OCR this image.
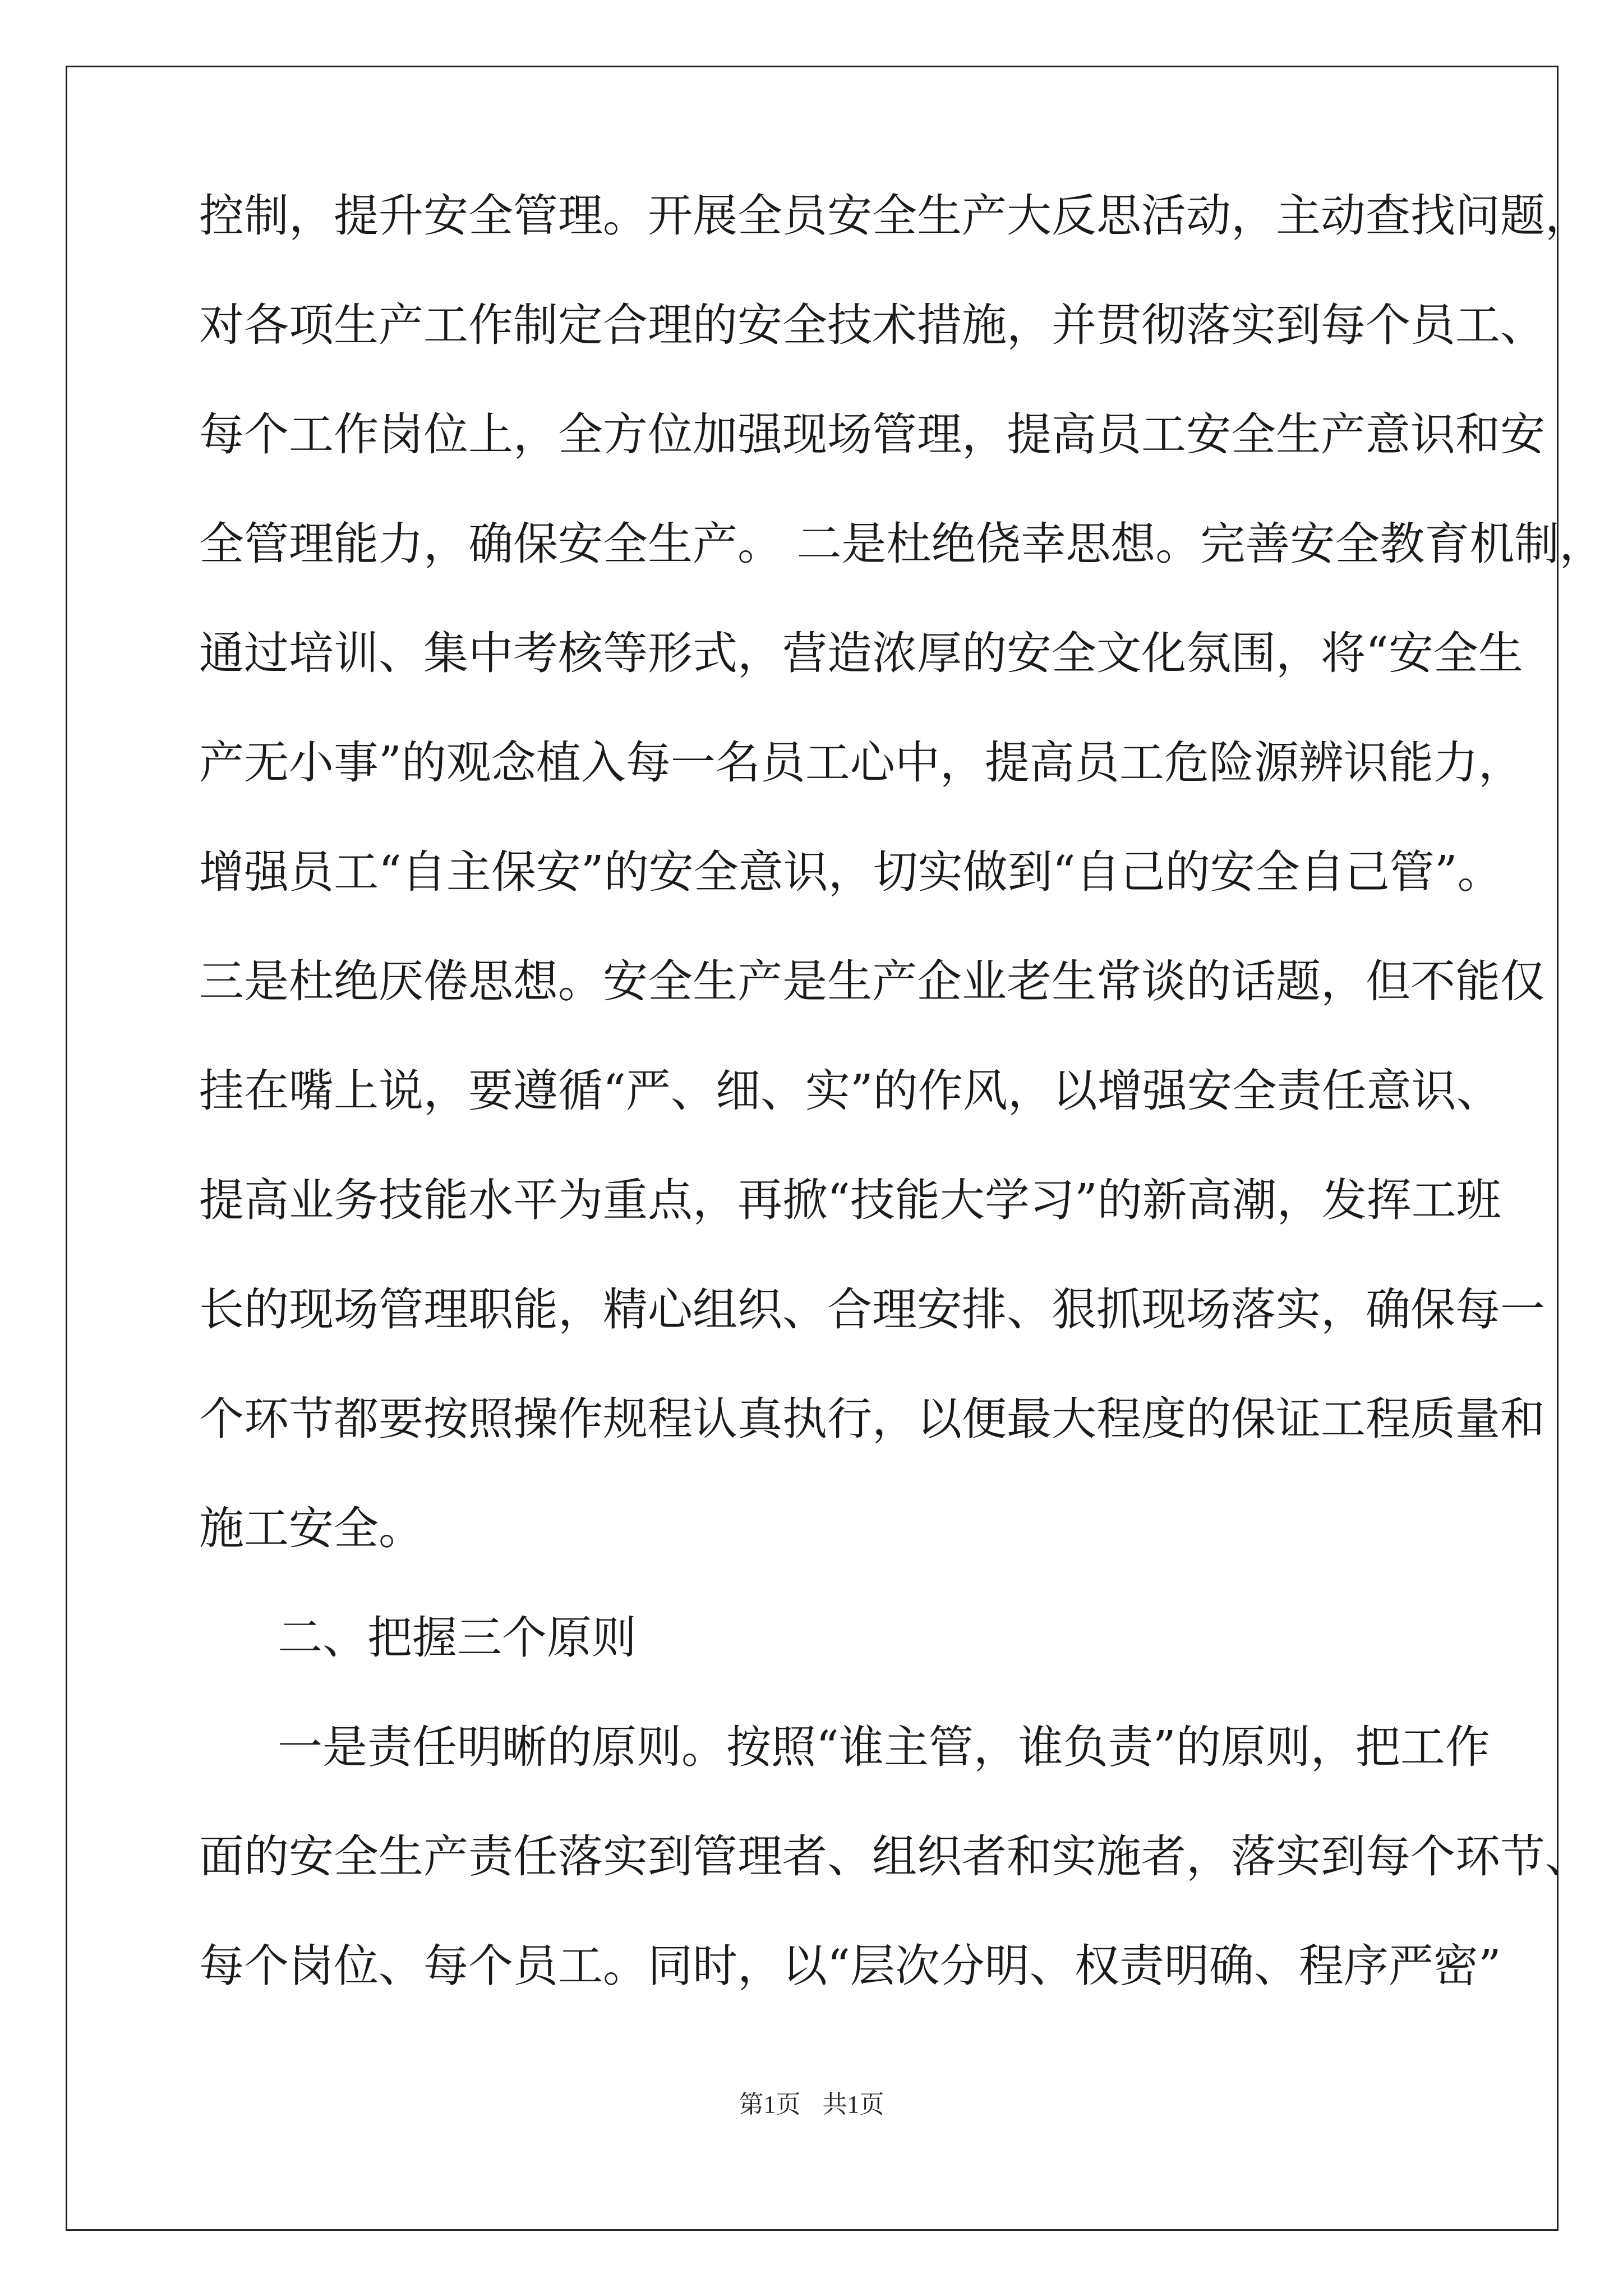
控制，提升安全管理。开展全员安全生产大反思活动，主动查找问题，
对各项生产工作制定合理的安全技术措施，并贯彻落实到每个员工、
每个工作岗位上，全方位加强现场管理，提高员工安全生产意识和安
全管理能力，确保安全生产。 二是杜绝侥幸思想。完善安全教育机制，
通过培训、集中考核等形式，营造浓厚的安全文化氛围，将“安全生
产无小事”的观念植入每一名员工心中，提高员工危险源辨识能力，
增强员工“自主保安”的安全意识，切实做到“自己的安全自己管”。
三是杜绝厌倦思想。安全生产是生产企业老生常谈的话题，但不能仅
挂在嘴上说，要遵循“严、细、实”的作风，以增强安全责任意识、
提高业务技能水平为重点，再掀“技能大学习”的新高潮，发挥工班
长的现场管理职能，精心组织、合理安排、狠抓现场落实，确保每一
个环节都要按照操作规程认真执行，以便最大程度的保证工程质量和
施工安全。
二、把握三个原则
一是责任明晰的原则。按照“谁主管，谁负责”的原则，把工作
面的安全生产责任落实到管理者、组织者和实施者，落实到每个环节、
每个岗位、每个员工。同时，以“层次分明、权责明确、程序严密”
第1页 共1页
